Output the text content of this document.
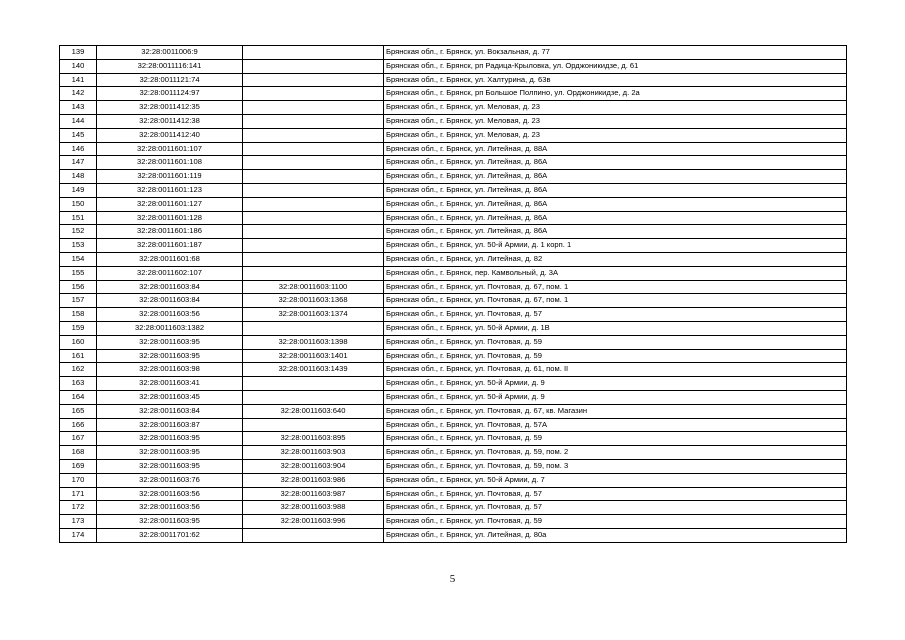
139	32:28:0011006:9		Брянская обл., г. Брянск, ул. Вокзальная, д. 77
140	32:28:0011116:141		Брянская обл., г. Брянск, рп Радица-Крыловка, ул. Орджоникидзе, д. 61
141	32:28:0011121:74		Брянская обл., г. Брянск, ул. Халтурина, д. 63в
142	32:28:0011124:97		Брянская обл., г. Брянск, рп Большое Полпино, ул. Орджоникидзе, д. 2а
143	32:28:0011412:35		Брянская обл., г. Брянск, ул. Меловая, д. 23
144	32:28:0011412:38		Брянская обл., г. Брянск, ул. Меловая, д. 23
145	32:28:0011412:40		Брянская обл., г. Брянск, ул. Меловая, д. 23
146	32:28:0011601:107		Брянская обл., г. Брянск, ул. Литейная, д. 88А
147	32:28:0011601:108		Брянская обл., г. Брянск, ул. Литейная, д. 86А
148	32:28:0011601:119		Брянская обл., г. Брянск, ул. Литейная, д. 86А
149	32:28:0011601:123		Брянская обл., г. Брянск, ул. Литейная, д. 86А
150	32:28:0011601:127		Брянская обл., г. Брянск, ул. Литейная, д. 86А
151	32:28:0011601:128		Брянская обл., г. Брянск, ул. Литейная, д. 86А
152	32:28:0011601:186		Брянская обл., г. Брянск, ул. Литейная, д. 86А
153	32:28:0011601:187		Брянская обл., г. Брянск, ул. 50-й Армии, д. 1 корп. 1
154	32:28:0011601:68		Брянская обл., г. Брянск, ул. Литейная, д. 82
155	32:28:0011602:107		Брянская обл., г. Брянск, пер. Камвольный, д. 3А
156	32:28:0011603:84	32:28:0011603:1100	Брянская обл., г. Брянск, ул. Почтовая, д. 67, пом. 1
157	32:28:0011603:84	32:28:0011603:1368	Брянская обл., г. Брянск, ул. Почтовая, д. 67, пом. 1
158	32:28:0011603:56	32:28:0011603:1374	Брянская обл., г. Брянск, ул. Почтовая, д. 57
159	32:28:0011603:1382		Брянская обл., г. Брянск, ул. 50-й Армии, д. 1В
160	32:28:0011603:95	32:28:0011603:1398	Брянская обл., г. Брянск, ул. Почтовая, д. 59
161	32:28:0011603:95	32:28:0011603:1401	Брянская обл., г. Брянск, ул. Почтовая, д. 59
162	32:28:0011603:98	32:28:0011603:1439	Брянская обл., г. Брянск, ул. Почтовая, д. 61, пом. II
163	32:28:0011603:41		Брянская обл., г. Брянск, ул. 50-й Армии, д. 9
164	32:28:0011603:45		Брянская обл., г. Брянск, ул. 50-й Армии, д. 9
165	32:28:0011603:84	32:28:0011603:640	Брянская обл., г. Брянск, ул. Почтовая, д. 67, кв. Магазин
166	32:28:0011603:87		Брянская обл., г. Брянск, ул. Почтовая, д. 57А
167	32:28:0011603:95	32:28:0011603:895	Брянская обл., г. Брянск, ул. Почтовая, д. 59
168	32:28:0011603:95	32:28:0011603:903	Брянская обл., г. Брянск, ул. Почтовая, д. 59, пом. 2
169	32:28:0011603:95	32:28:0011603:904	Брянская обл., г. Брянск, ул. Почтовая, д. 59, пом. 3
170	32:28:0011603:76	32:28:0011603:986	Брянская обл., г. Брянск, ул. 50-й Армии, д. 7
171	32:28:0011603:56	32:28:0011603:987	Брянская обл., г. Брянск, ул. Почтовая, д. 57
172	32:28:0011603:56	32:28:0011603:988	Брянская обл., г. Брянск, ул. Почтовая, д. 57
173	32:28:0011603:95	32:28:0011603:996	Брянская обл., г. Брянск, ул. Почтовая, д. 59
174	32:28:0011701:62		Брянская обл., г. Брянск, ул. Литейная, д. 80а
5
